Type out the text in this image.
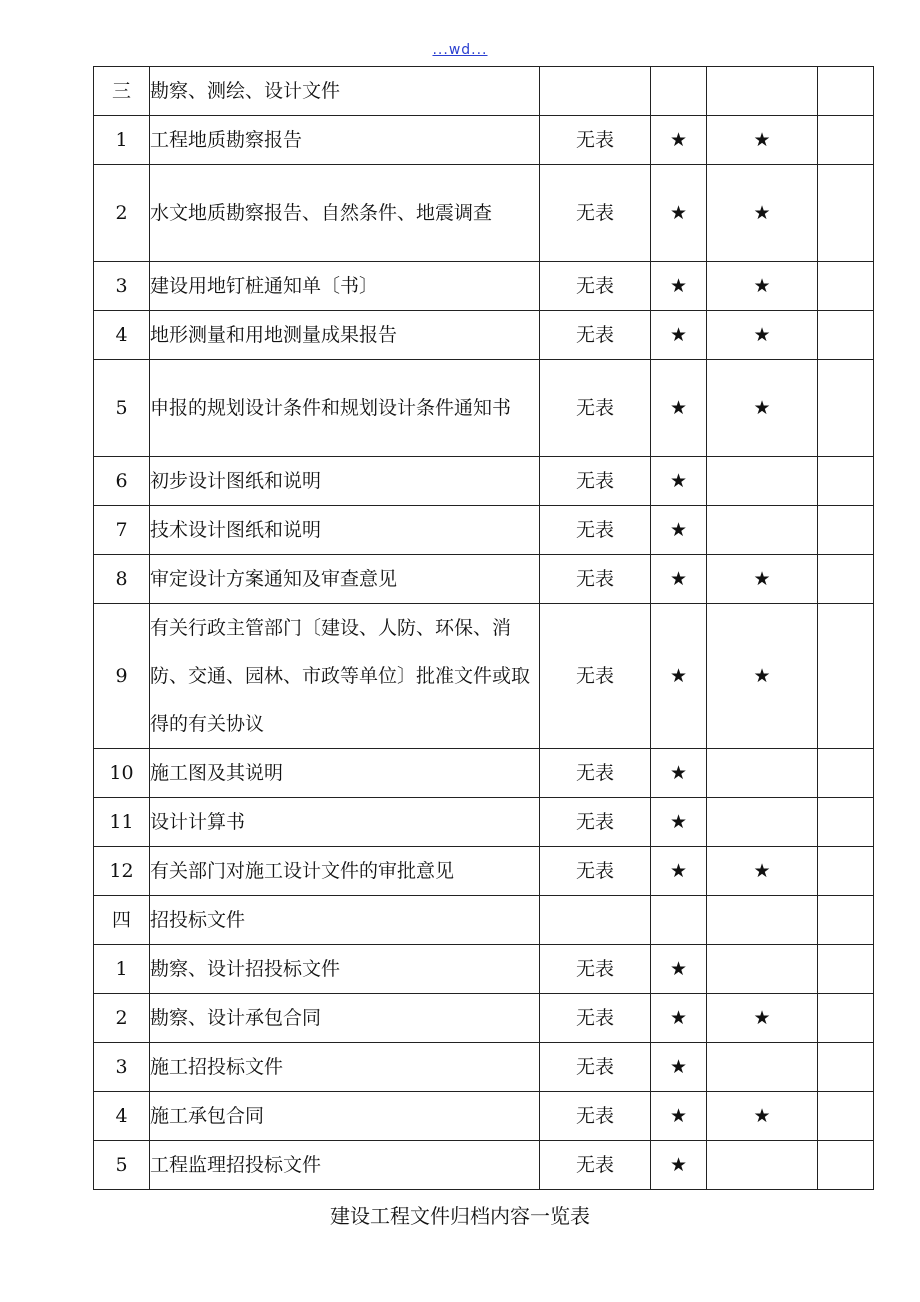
...wd...
三	勘察、测绘、设计文件				
1	工程地质勘察报告	无表	★	★	
2	水文地质勘察报告、自然条件、地震调查	无表	★	★	
3	建设用地钉桩通知单〔书〕	无表	★	★	
4	地形测量和用地测量成果报告	无表	★	★	
5	申报的规划设计条件和规划设计条件通知书	无表	★	★	
6	初步设计图纸和说明	无表	★		
7	技术设计图纸和说明	无表	★		
8	审定设计方案通知及审查意见	无表	★	★	
9	有关行政主管部门〔建设、人防、环保、消防、交通、园林、市政等单位〕批准文件或取得的有关协议	无表	★	★	
10	施工图及其说明	无表	★		
11	设计计算书	无表	★		
12	有关部门对施工设计文件的审批意见	无表	★	★	
四	招投标文件				
1	勘察、设计招投标文件	无表	★		
2	勘察、设计承包合同	无表	★	★	
3	施工招投标文件	无表	★		
4	施工承包合同	无表	★	★	
5	工程监理招投标文件	无表	★		
建设工程文件归档内容一览表
